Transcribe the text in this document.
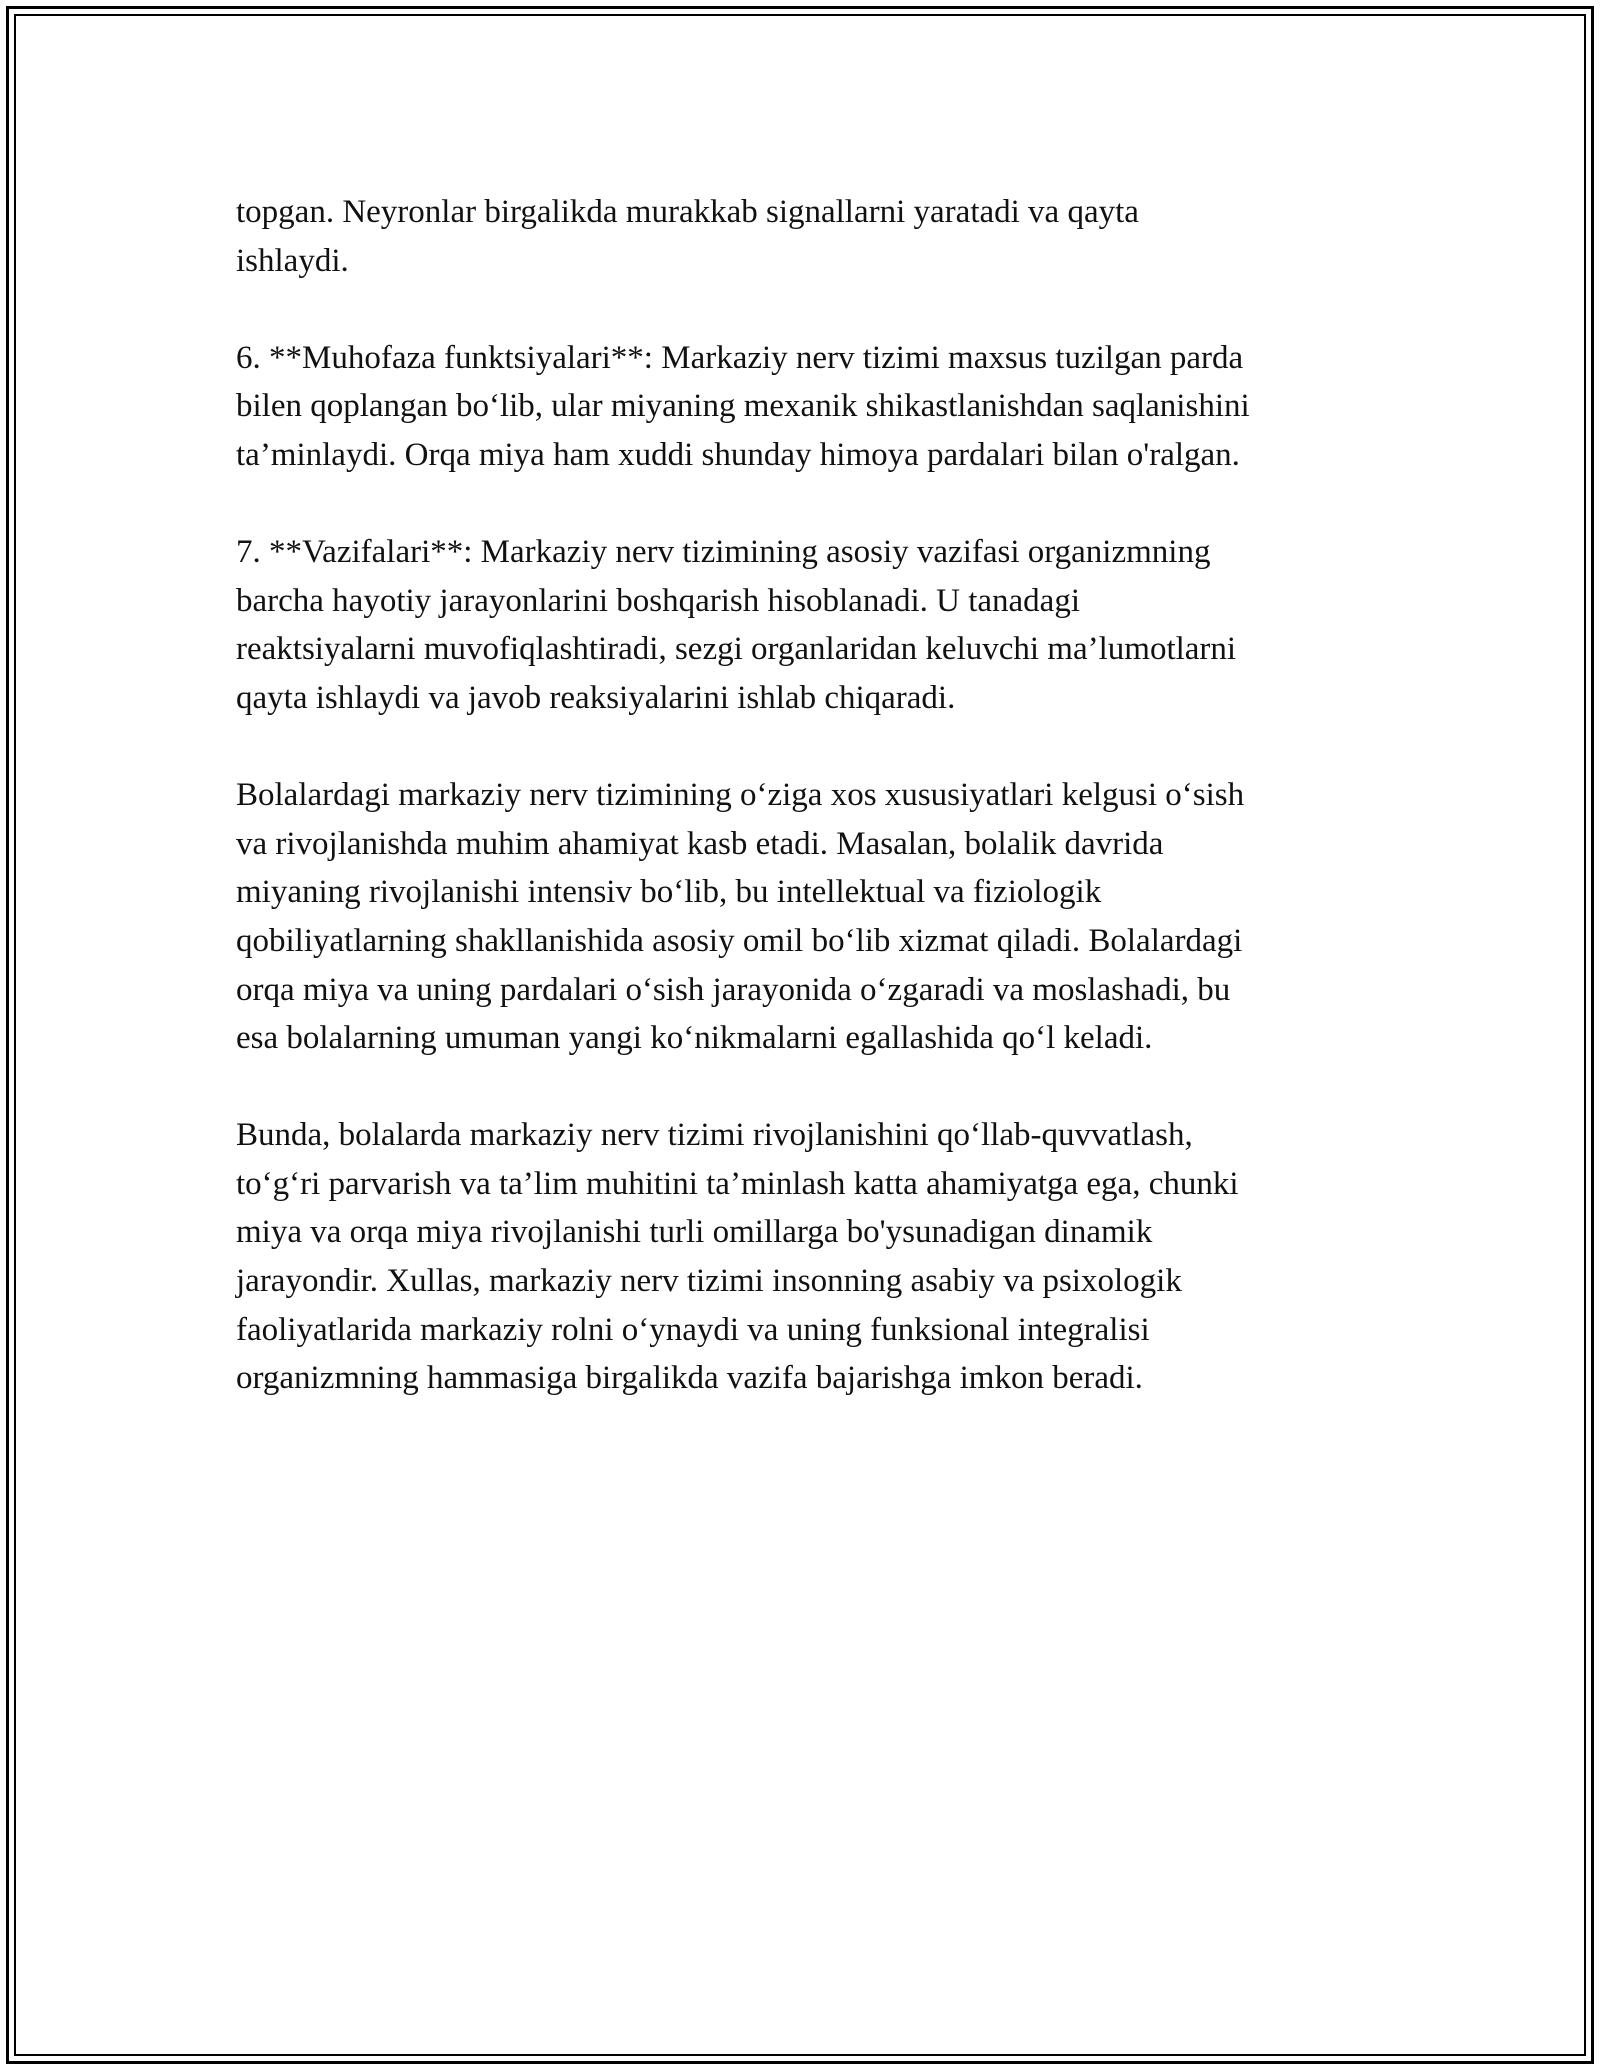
topgan. Neyronlar birgalikda murakkab signallarni yaratadi va qayta
ishlaydi.

6. **Muhofaza funktsiyalari**: Markaziy nerv tizimi maxsus tuzilgan parda
bilen qoplangan bo‘lib, ular miyaning mexanik shikastlanishdan saqlanishini
ta’minlaydi. Orqa miya ham xuddi shunday himoya pardalari bilan o'ralgan.

7. **Vazifalari**: Markaziy nerv tizimining asosiy vazifasi organizmning
barcha hayotiy jarayonlarini boshqarish hisoblanadi. U tanadagi
reaktsiyalarni muvofiqlashtiradi, sezgi organlaridan keluvchi ma’lumotlarni
qayta ishlaydi va javob reaksiyalarini ishlab chiqaradi.

Bolalardagi markaziy nerv tizimining o‘ziga xos xususiyatlari kelgusi o‘sish
va rivojlanishda muhim ahamiyat kasb etadi. Masalan, bolalik davrida
miyaning rivojlanishi intensiv bo‘lib, bu intellektual va fiziologik
qobiliyatlarning shakllanishida asosiy omil bo‘lib xizmat qiladi. Bolalardagi
orqa miya va uning pardalari o‘sish jarayonida o‘zgaradi va moslashadi, bu
esa bolalarning umuman yangi ko‘nikmalarni egallashida qo‘l keladi.

Bunda, bolalarda markaziy nerv tizimi rivojlanishini qo‘llab-quvvatlash,
to‘g‘ri parvarish va ta’lim muhitini ta’minlash katta ahamiyatga ega, chunki
miya va orqa miya rivojlanishi turli omillarga bo'ysunadigan dinamik
jarayondir. Xullas, markaziy nerv tizimi insonning asabiy va psixologik
faoliyatlarida markaziy rolni o‘ynaydi va uning funksional integralisi
organizmning hammasiga birgalikda vazifa bajarishga imkon beradi.
